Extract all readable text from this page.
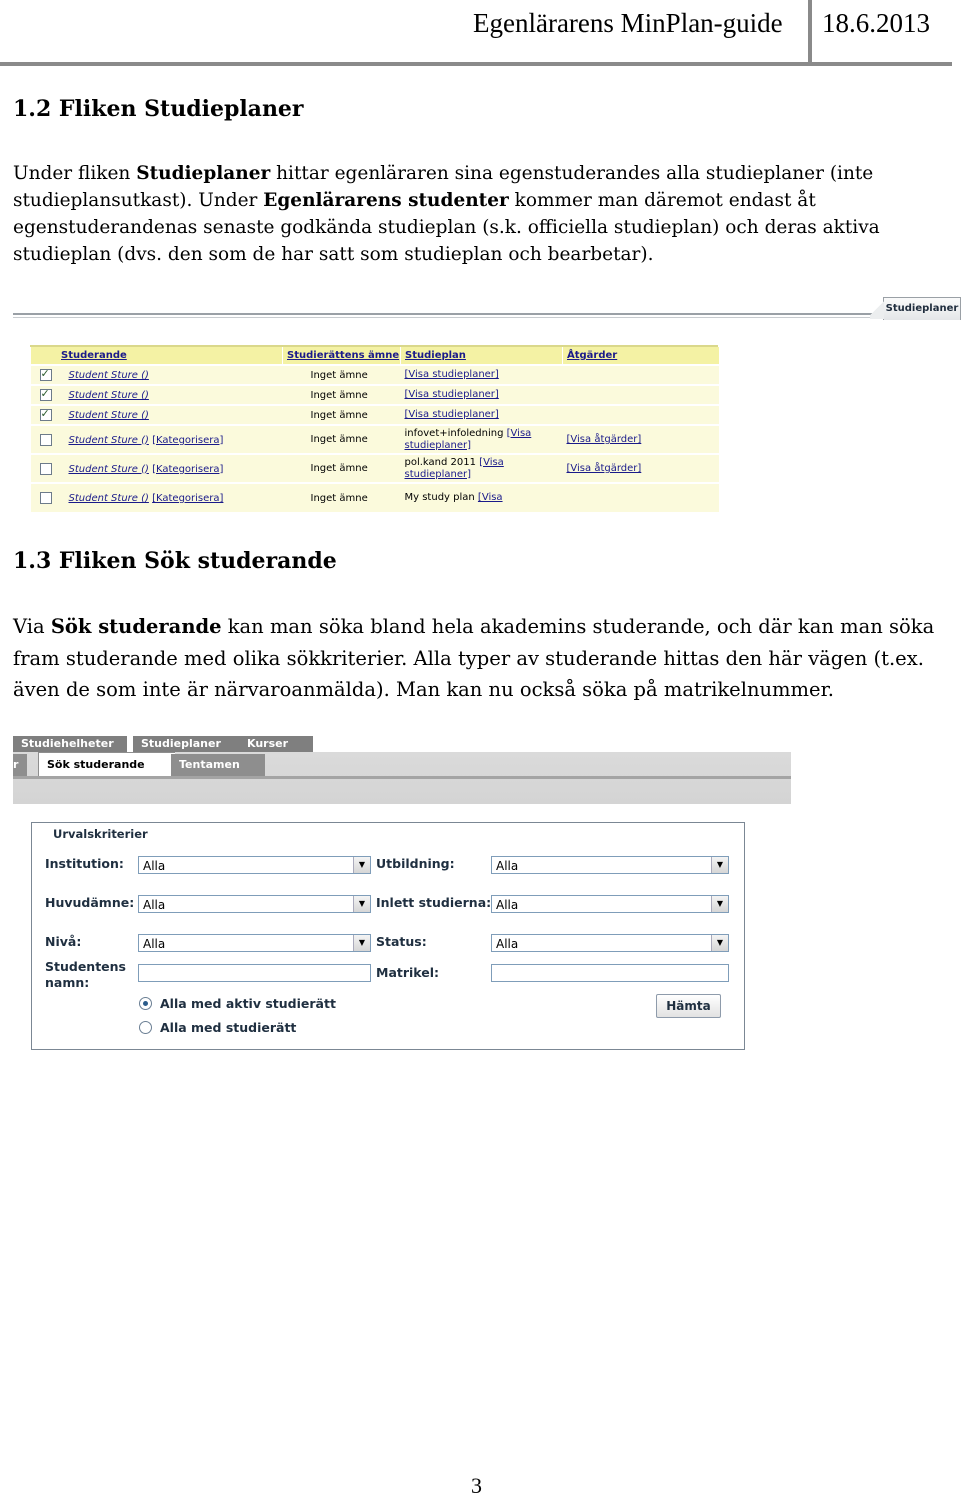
Egenlärarens MinPlan-guide 18.6.2013
1.2 Fliken Studieplaner
Under fliken Studieplaner hittar egenläraren sina egenstuderandes alla studieplaner (inte studieplansutkast). Under Egenlärarens studenter kommer man däremot endast åt egenstuderandenas senaste godkända studieplan (s.k. officiella studieplan) och deras aktiva studieplan (dvs. den som de har satt som studieplan och bearbetar).
Studieplaner
Studerande	Studierättens ämne	Studieplan	Åtgärder
✓Student Sture ()	Inget ämne	[Visa studieplaner]	
✓Student Sture ()	Inget ämne	[Visa studieplaner]	
✓Student Sture ()	Inget ämne	[Visa studieplaner]	
Student Sture () [Kategorisera]	Inget ämne	infovet+infoledning [Visa studieplaner]	[Visa åtgärder]
Student Sture () [Kategorisera]	Inget ämne	pol.kand 2011 [Visa studieplaner]	[Visa åtgärder]
Student Sture () [Kategorisera]	Inget ämne	My study plan [Visa	
1.3 Fliken Sök studerande
Via Sök studerande kan man söka bland hela akademins studerande, och där kan man söka fram studerande med olika sökkriterier. Alla typer av studerande hittas den här vägen (t.ex. även de som inte är närvaroanmälda). Man kan nu också söka på matrikelnummer.
Studiehelheter	Studieplaner	Kurser
r	Sök studerande	Tentamen
Urvalskriterier
Institution:	Alla	▼ Utbildning:	Alla	▼
Huvudämne: Alla	▼ Inlett studierna: Alla	▼
Nivå:	Alla	▼ Status:	Alla	▼
Studentens
namn:
Matrikel:
Alla med aktiv studierätt
Alla med studierätt
Hämta
3
